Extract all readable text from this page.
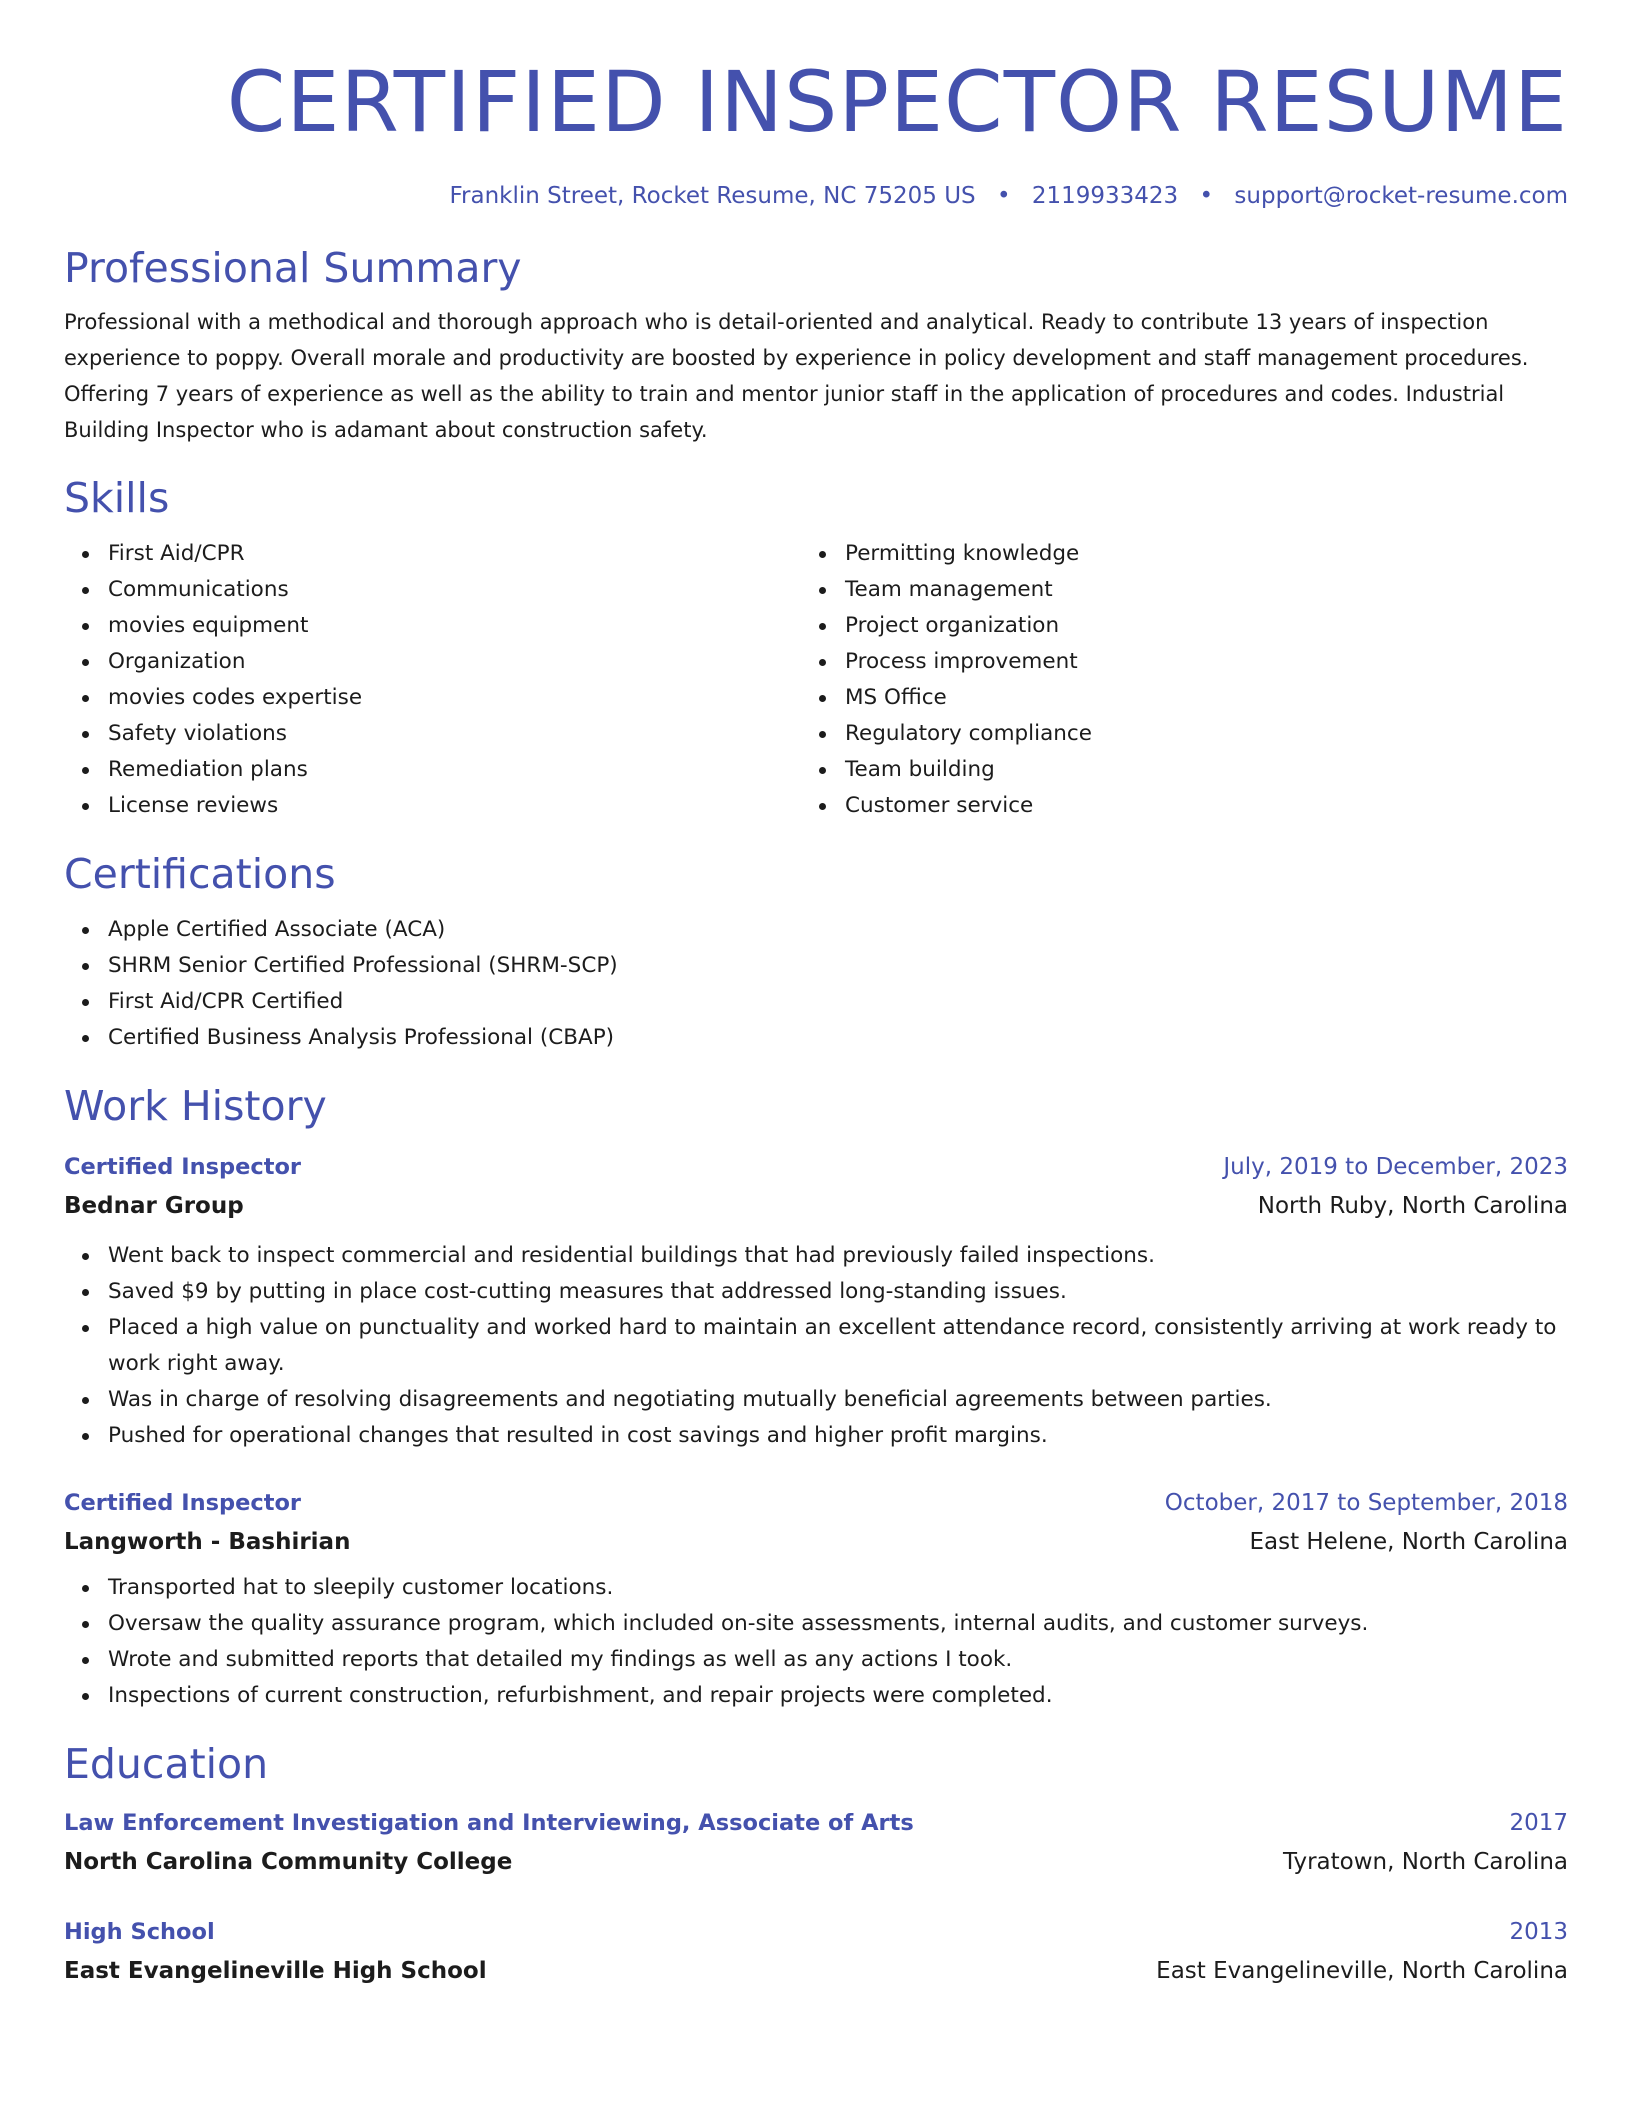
CERTIFIED INSPECTOR RESUME
Franklin Street, Rocket Resume, NC 75205 US • 2119933423 • support@rocket-resume.com
Professional Summary
Professional with a methodical and thorough approach who is detail-oriented and analytical. Ready to contribute 13 years of inspection experience to poppy. Overall morale and productivity are boosted by experience in policy development and staff management procedures. Offering 7 years of experience as well as the ability to train and mentor junior staff in the application of procedures and codes. Industrial Building Inspector who is adamant about construction safety.
Skills
First Aid/CPR
Communications
movies equipment
Organization
movies codes expertise
Safety violations
Remediation plans
License reviews
Permitting knowledge
Team management
Project organization
Process improvement
MS Office
Regulatory compliance
Team building
Customer service
Certifications
Apple Certified Associate (ACA)
SHRM Senior Certified Professional (SHRM-SCP)
First Aid/CPR Certified
Certified Business Analysis Professional (CBAP)
Work History
Certified Inspector	July, 2019 to December, 2023
Bednar Group	North Ruby, North Carolina
Went back to inspect commercial and residential buildings that had previously failed inspections.
Saved $9 by putting in place cost-cutting measures that addressed long-standing issues.
Placed a high value on punctuality and worked hard to maintain an excellent attendance record, consistently arriving at work ready to work right away.
Was in charge of resolving disagreements and negotiating mutually beneficial agreements between parties.
Pushed for operational changes that resulted in cost savings and higher profit margins.
Certified Inspector	October, 2017 to September, 2018
Langworth - Bashirian	East Helene, North Carolina
Transported hat to sleepily customer locations.
Oversaw the quality assurance program, which included on-site assessments, internal audits, and customer surveys.
Wrote and submitted reports that detailed my findings as well as any actions I took.
Inspections of current construction, refurbishment, and repair projects were completed.
Education
Law Enforcement Investigation and Interviewing, Associate of Arts	2017
North Carolina Community College	Tyratown, North Carolina
High School	2013
East Evangelineville High School	East Evangelineville, North Carolina
